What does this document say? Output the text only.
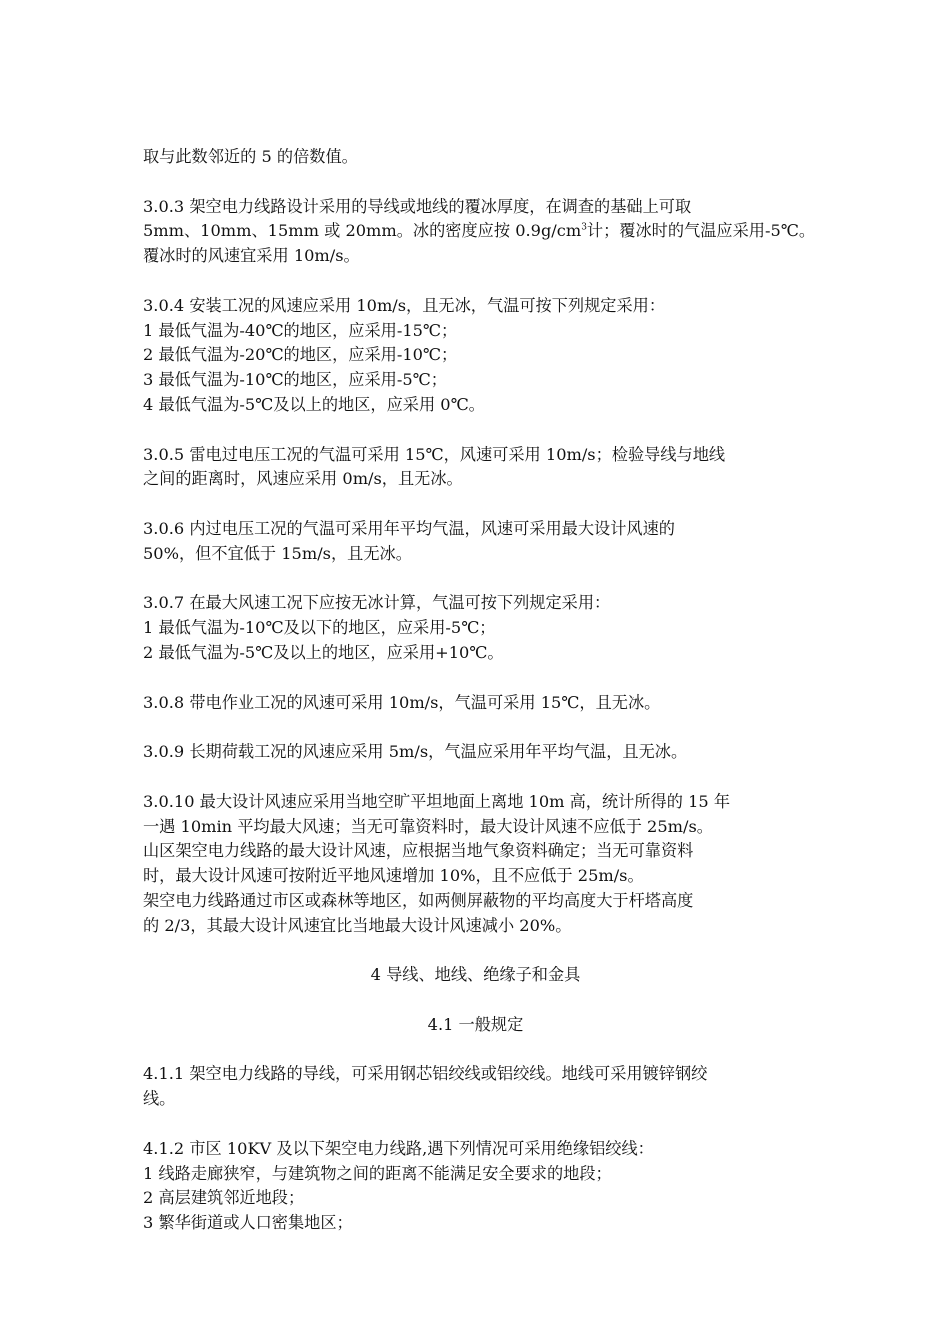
取与此数邻近的 5 的倍数值。

3.0.3 架空电力线路设计采用的导线或地线的覆冰厚度，在调查的基础上可取
5mm、10mm、15mm 或 20mm。冰的密度应按 $0.9g/cm^3$计；覆冰时的气温应采用-5℃。
覆冰时的风速宜采用 10m/s。

3.0.4 安装工况的风速应采用 10m/s，且无冰，气温可按下列规定采用：
1 最低气温为-40℃的地区，应采用-15℃；
2 最低气温为-20℃的地区，应采用-10℃；
3 最低气温为-10℃的地区，应采用-5℃；
4 最低气温为-5℃及以上的地区，应采用 0℃。

3.0.5 雷电过电压工况的气温可采用 15℃，风速可采用 10m/s；检验导线与地线
之间的距离时，风速应采用 0m/s，且无冰。

3.0.6 内过电压工况的气温可采用年平均气温，风速可采用最大设计风速的
50%，但不宜低于 15m/s，且无冰。

3.0.7 在最大风速工况下应按无冰计算，气温可按下列规定采用：
1 最低气温为-10℃及以下的地区，应采用-5℃；
2 最低气温为-5℃及以上的地区，应采用+10℃。

3.0.8 带电作业工况的风速可采用 10m/s，气温可采用 15℃，且无冰。

3.0.9 长期荷载工况的风速应采用 5m/s，气温应采用年平均气温，且无冰。

3.0.10 最大设计风速应采用当地空旷平坦地面上离地 10m 高，统计所得的 15 年
一遇 10min 平均最大风速；当无可靠资料时，最大设计风速不应低于 25m/s。
山区架空电力线路的最大设计风速，应根据当地气象资料确定；当无可靠资料
时，最大设计风速可按附近平地风速增加 10%，且不应低于 25m/s。
架空电力线路通过市区或森林等地区，如两侧屏蔽物的平均高度大于杆塔高度
的 2/3，其最大设计风速宜比当地最大设计风速减小 20%。

4 导线、地线、绝缘子和金具
4.1 一般规定

4.1.1 架空电力线路的导线，可采用钢芯铝绞线或铝绞线。地线可采用镀锌钢绞
线。

4.1.2 市区 10KV 及以下架空电力线路,遇下列情况可采用绝缘铝绞线：
1 线路走廊狭窄，与建筑物之间的距离不能满足安全要求的地段；
2 高层建筑邻近地段；
3 繁华街道或人口密集地区；
